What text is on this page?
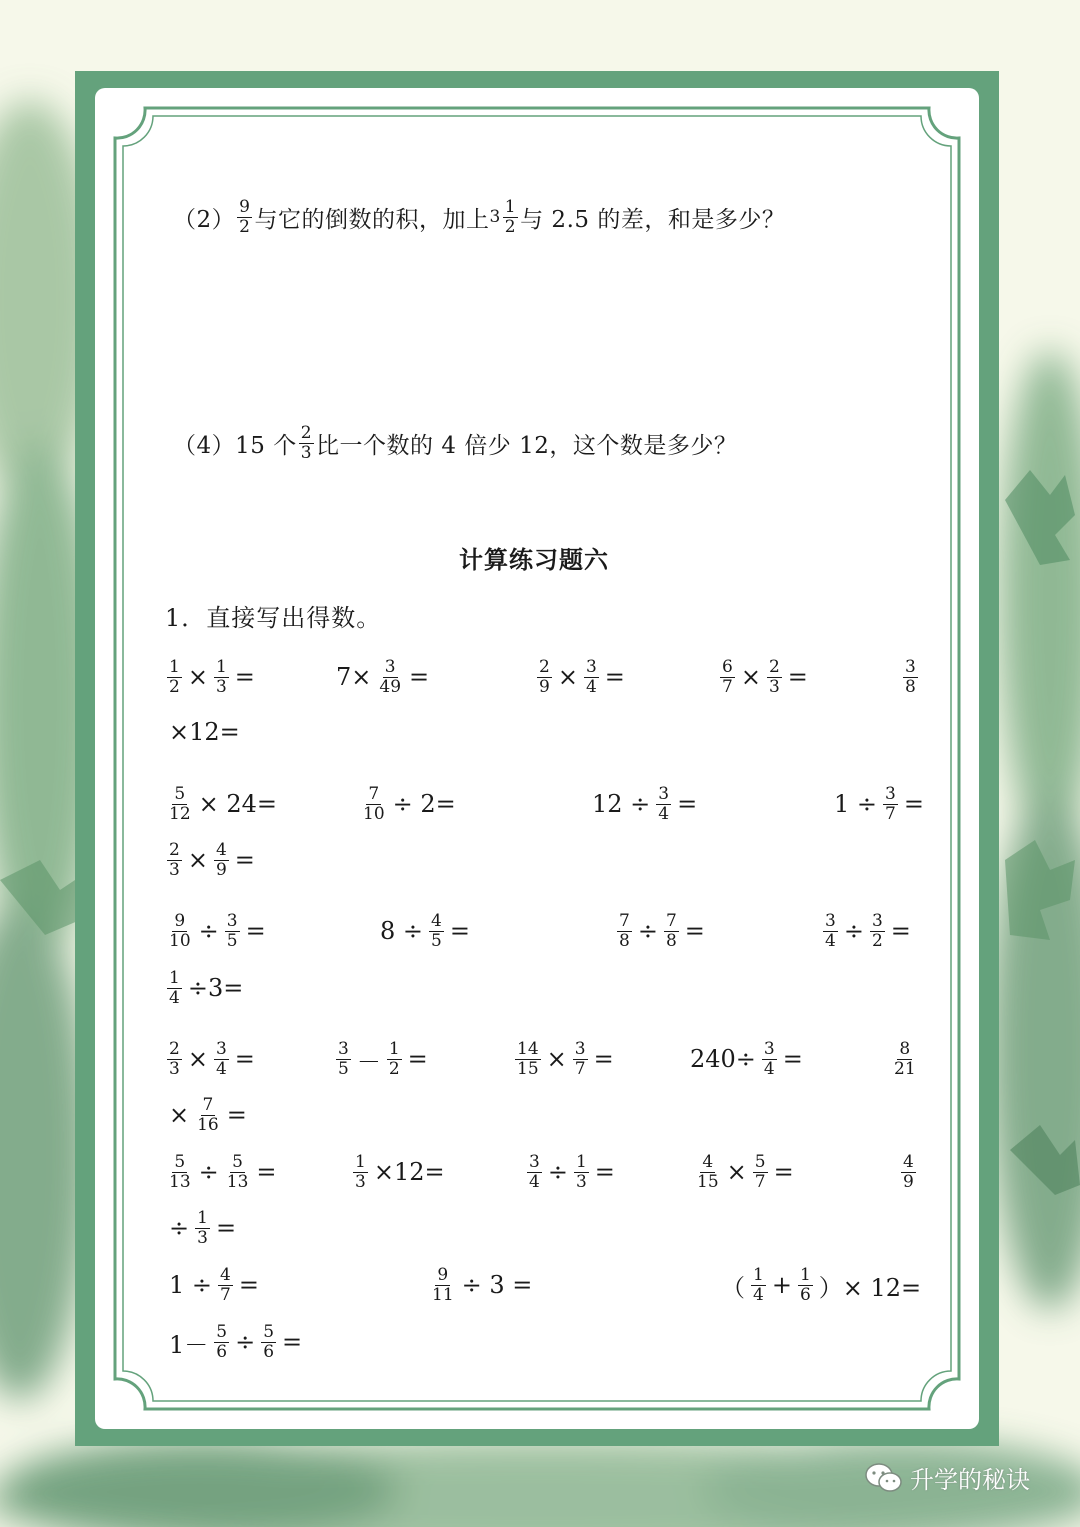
$(2) \frac{9}{2}$ 与它的倒数的积，加上 $3 \frac{1}{2}$ 与 2.5 的差，和是多少？
（4） 15 个 $\frac{2}{3}$ 比一个数的 4 倍少 12，这个数是多少？
计算练习题六
1．直接写出得数。
$\frac{1}{2} \times \frac{1}{3}$ =	$7\times \frac{3}{49}$ =	$\frac{2}{9} \times \frac{3}{4}$ =	$\frac{6}{7} \times \frac{2}{3}$ =	$\frac{3}{8}$
×12=
$\frac{5}{12} \times 24=$	$\frac{7}{10} \div 2=$	$12 \div \frac{3}{4}$ =	$1 \div \frac{3}{7}$ =
$\frac{2}{3} \times \frac{4}{9}$ =
$\frac{9}{10} \div \frac{3}{5}$ =	$8 \div \frac{4}{5}$ =	$\frac{7}{8} \div \frac{7}{8}$ =	$\frac{3}{4} \div \frac{3}{2}$ =
$\frac{1}{4} \div 3=$
$\frac{2}{3} \times \frac{3}{4}$ =	$\frac{3}{5} - \frac{1}{2}$ =	$\frac{14}{15} \times \frac{3}{7}$ =	$240\div \frac{3}{4}$ =	$\frac{8}{21}$
× $\frac{7}{16}$ =
$\frac{5}{13} \div \frac{5}{13}$ =	$\frac{1}{3} \times 12=$	$\frac{3}{4} \div \frac{1}{3}$ =	$\frac{4}{15} \times \frac{5}{7}$ =	$\frac{4}{9}$
÷ $\frac{1}{3}$ =
$1 \div \frac{4}{7}$ =	$\frac{9}{11} \div 3$ =	（ $\frac{1}{4} + \frac{1}{6}$ ）× 12=
$1- \frac{5}{6} \div \frac{5}{6}$ =
升学的秘诀
